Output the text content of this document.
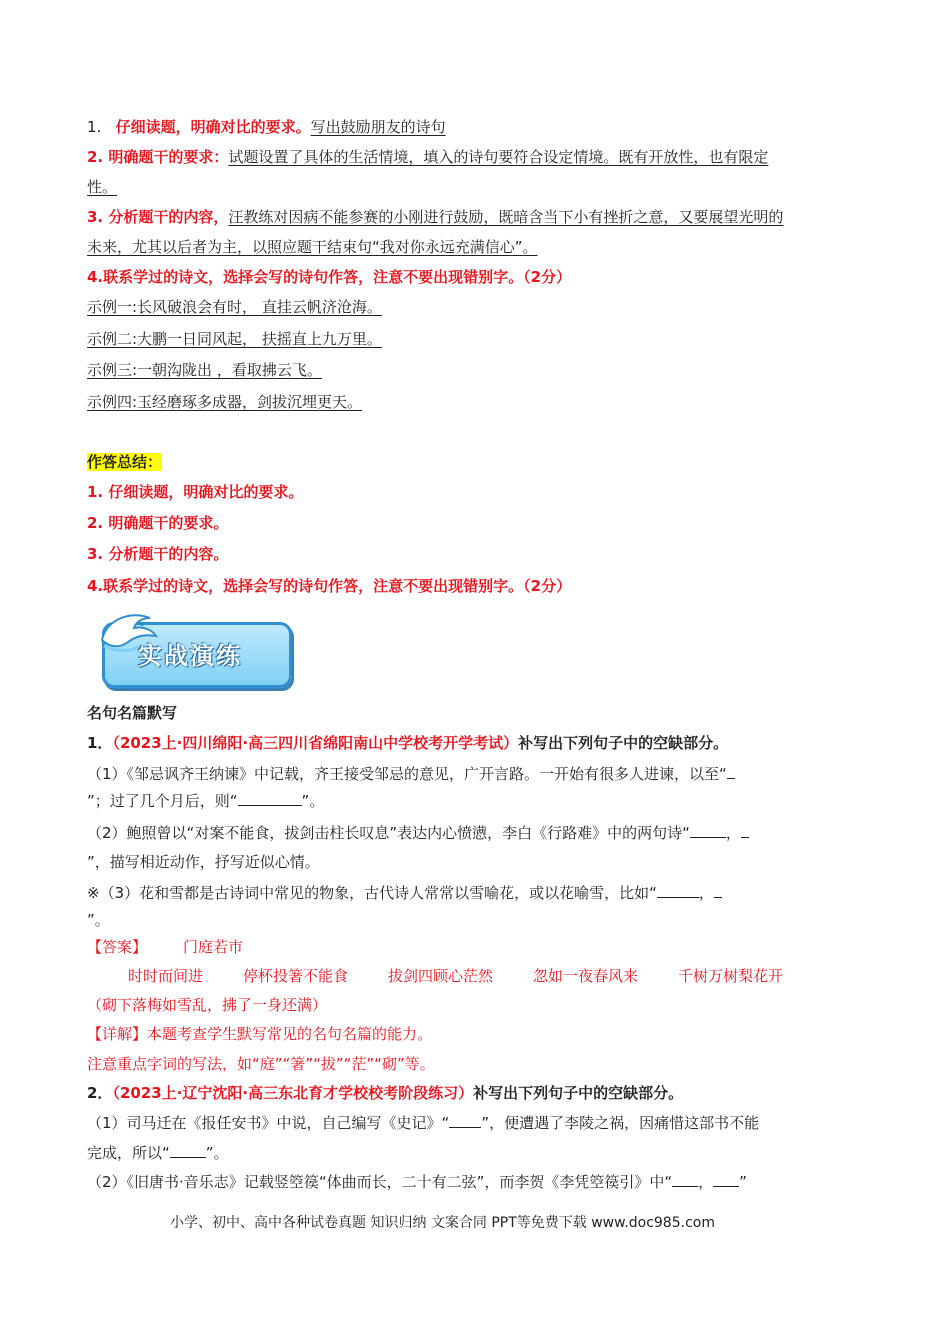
1. 仔细读题，明确对比的要求。写出鼓励朋友的诗句
2. 明确题干的要求：试题设置了具体的生活情境，填入的诗句要符合设定情境。既有开放性，也有限定
性。
3. 分析题干的内容，汪教练对因病不能参赛的小刚进行鼓励，既暗含当下小有挫折之意，又要展望光明的
未来，尤其以后者为主，以照应题干结束句“我对你永远充满信心”。
4.联系学过的诗文，选择会写的诗句作答，注意不要出现错别字。（2分）
示例一:长风破浪会有时， 直挂云帆济沧海。
示例二:大鹏一日同风起， 扶摇直上九万里。
示例三:一朝沟陇出 ，看取拂云飞。
示例四:玉经磨琢多成器，剑拔沉埋更天。
作答总结：
1. 仔细读题，明确对比的要求。
2. 明确题干的要求。
3. 分析题干的内容。
4.联系学过的诗文，选择会写的诗句作答，注意不要出现错别字。（2分）
实战演练
名句名篇默写
1．（2023上·四川绵阳·高三四川省绵阳南山中学校考开学考试）补写出下列句子中的空缺部分。
（1）《邹忌讽齐王纳谏》中记载，齐王接受邹忌的意见，广开言路。一开始有很多人进谏，以至“
”；过了几个月后，则“	”。
（2）鲍照曾以“对案不能食，拔剑击柱长叹息”表达内心愤懑，李白《行路难》中的两句诗“ ，
”，描写相近动作，抒写近似心情。
※（3）花和雪都是古诗词中常见的物象，古代诗人常常以雪喻花，或以花喻雪，比如“	，
”。
【答案】 门庭若市
时时而间进	停杯投箸不能食	拔剑四顾心茫然	忽如一夜春风来	千树万树梨花开
（砌下落梅如雪乱，拂了一身还满）
【详解】本题考查学生默写常见的名句名篇的能力。
注意重点字词的写法，如“庭”“箸”“拔”“茫”“砌”等。
2．（2023上·辽宁沈阳·高三东北育才学校校考阶段练习）补写出下列句子中的空缺部分。
（1）司马迁在《报任安书》中说，自己编写《史记》“ ”，便遭遇了李陵之祸，因痛惜这部书不能
完成，所以“ ”。
（2）《旧唐书·音乐志》记载竖箜篌“体曲而长，二十有二弦”，而李贺《李凭箜篌引》中“ ， ”
小学、初中、高中各种试卷真题 知识归纳 文案合同 PPT等免费下载 www.doc985.com
